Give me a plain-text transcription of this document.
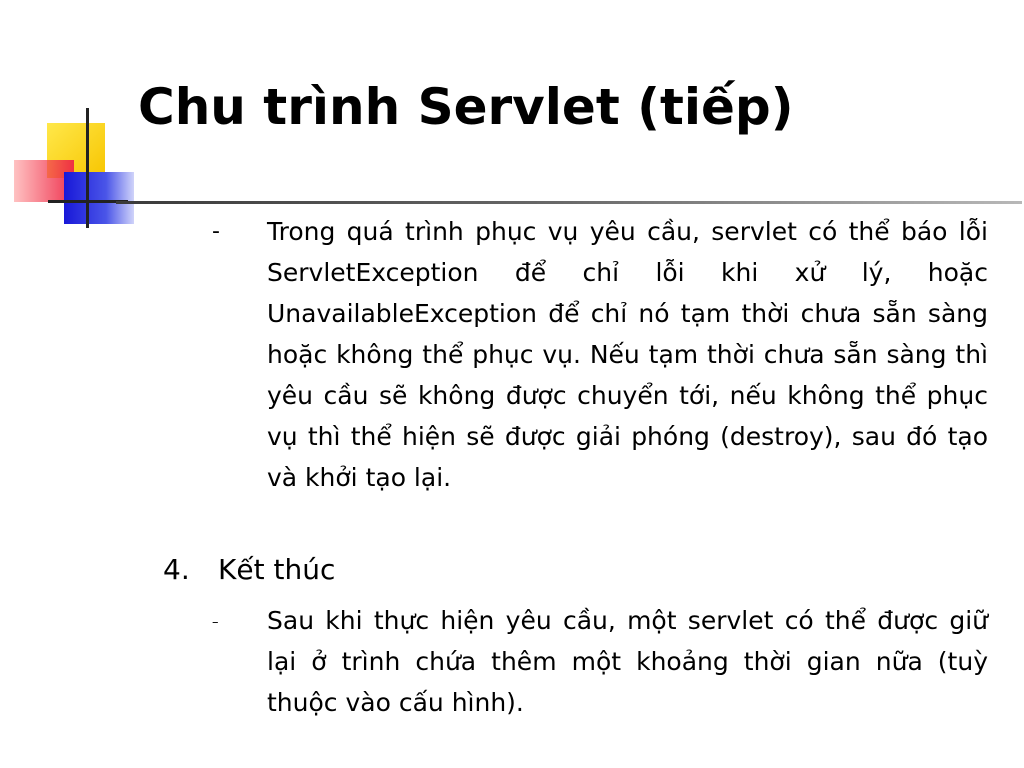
Chu trình Servlet (tiếp)
-	Trong quá trình phục vụ yêu cầu, servlet có thể báo lỗi ServletException để chỉ lỗi khi xử lý, hoặc UnavailableException để chỉ nó tạm thời chưa sẵn sàng hoặc không thể phục vụ. Nếu tạm thời chưa sẵn sàng thì yêu cầu sẽ không được chuyển tới, nếu không thể phục vụ thì thể hiện sẽ được giải phóng (destroy), sau đó tạo và khởi tạo lại.
4. Kết thúc
–	Sau khi thực hiện yêu cầu, một servlet có thể được giữ lại ở trình chứa thêm một khoảng thời gian nữa (tuỳ thuộc vào cấu hình).
